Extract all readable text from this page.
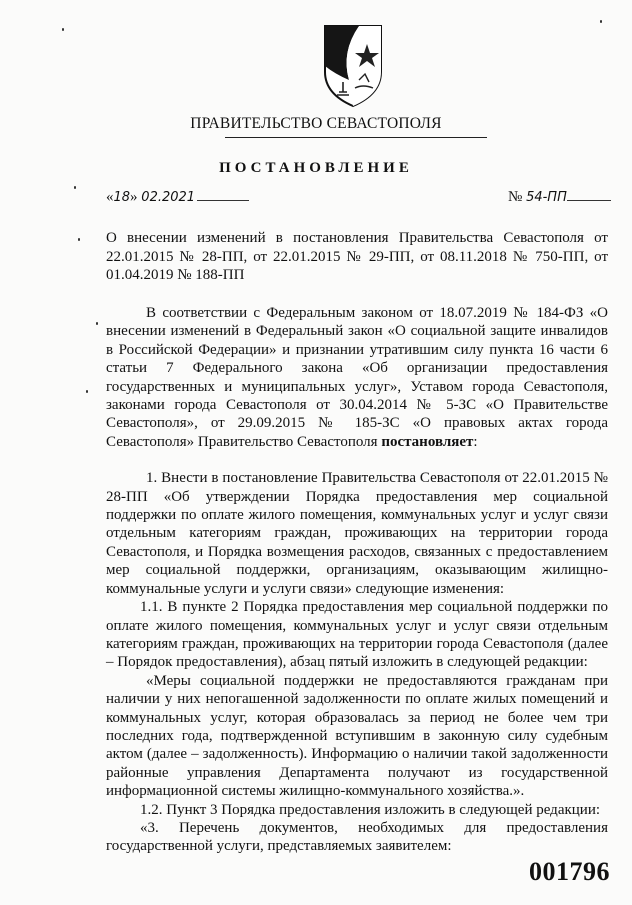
ПРАВИТЕЛЬСТВО СЕВАСТОПОЛЯ
ПОСТАНОВЛЕНИЕ
«18» 02.2021	№ 54-ПП
О внесении изменений в постановления Правительства Севастополя от 22.01.2015 № 28-ПП, от 22.01.2015 № 29-ПП, от 08.11.2018 № 750-ПП, от 01.04.2019 № 188-ПП

В соответствии с Федеральным законом от 18.07.2019 № 184-ФЗ «О внесении изменений в Федеральный закон «О социальной защите инвалидов в Российской Федерации» и признании утратившим силу пункта 16 части 6 статьи 7 Федерального закона «Об организации предоставления государственных и муниципальных услуг», Уставом города Севастополя, законами города Севастополя от 30.04.2014 № 5-ЗС «О Правительстве Севастополя», от 29.09.2015 № 185-ЗС «О правовых актах города Севастополя» Правительство Севастополя постановляет:

1. Внести в постановление Правительства Севастополя от 22.01.2015 № 28-ПП «Об утверждении Порядка предоставления мер социальной поддержки по оплате жилого помещения, коммунальных услуг и услуг связи отдельным категориям граждан, проживающих на территории города Севастополя, и Порядка возмещения расходов, связанных с предоставлением мер социальной поддержки, организациям, оказывающим жилищно-коммунальные услуги и услуги связи» следующие изменения:

1.1. В пункте 2 Порядка предоставления мер социальной поддержки по оплате жилого помещения, коммунальных услуг и услуг связи отдельным категориям граждан, проживающих на территории города Севастополя (далее – Порядок предоставления), абзац пятый изложить в следующей редакции:

«Меры социальной поддержки не предоставляются гражданам при наличии у них непогашенной задолженности по оплате жилых помещений и коммунальных услуг, которая образовалась за период не более чем три последних года, подтвержденной вступившим в законную силу судебным актом (далее – задолженность). Информацию о наличии такой задолженности районные управления Департамента получают из государственной информационной системы жилищно-коммунального хозяйства.».

1.2. Пункт 3 Порядка предоставления изложить в следующей редакции:

«3. Перечень документов, необходимых для предоставления государственной услуги, представляемых заявителем:

001796
